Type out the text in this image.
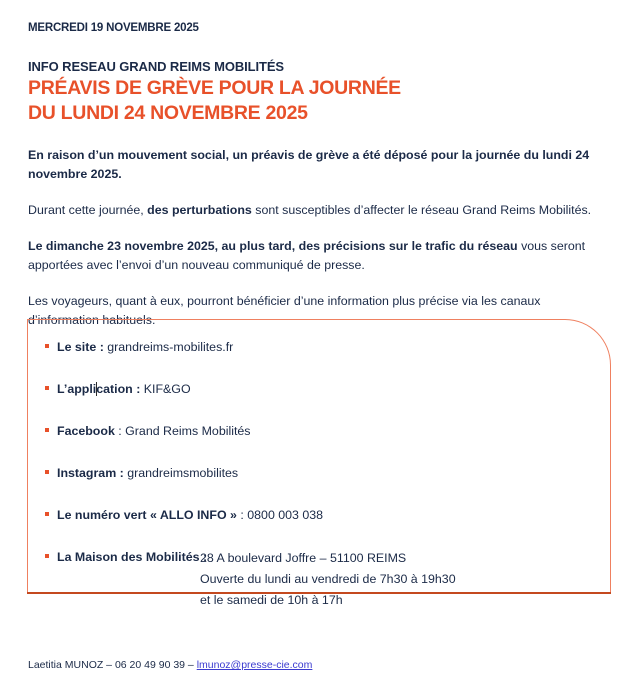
MERCREDI 19 NOVEMBRE 2025
INFO RESEAU GRAND REIMS MOBILITÉS
PRÉAVIS DE GRÈVE POUR LA JOURNÉE
DU LUNDI 24 NOVEMBRE 2025

En raison d’un mouvement social, un préavis de grève a été déposé pour la journée du lundi 24 novembre 2025.

Durant cette journée, des perturbations sont susceptibles d’affecter le réseau Grand Reims Mobilités.

Le dimanche 23 novembre 2025, au plus tard, des précisions sur le trafic du réseau vous seront apportées avec l’envoi d’un nouveau communiqué de presse.

Les voyageurs, quant à eux, pourront bénéficier d’une information plus précise via les canaux d’information habituels.

Le site : grandreims-mobilites.fr
L’application : KIF&GO
Facebook : Grand Reims Mobilités
Instagram : grandreimsmobilites
Le numéro vert « ALLO INFO » : 0800 003 038
La Maison des Mobilités :
28 A boulevard Joffre – 51100 REIMS
Ouverte du lundi au vendredi de 7h30 à 19h30
et le samedi de 10h à 17h
Laetitia MUNOZ – 06 20 49 90 39 – lmunoz@presse-cie.com
